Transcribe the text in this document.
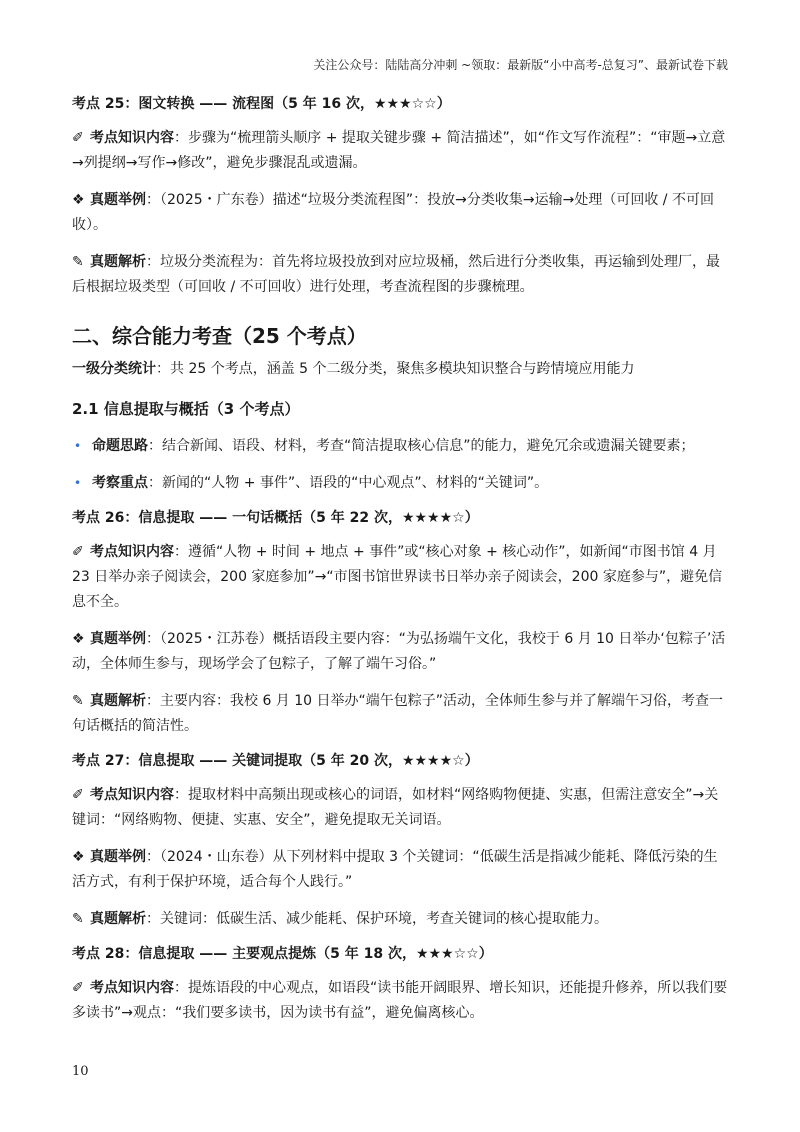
关注公众号：陆陆高分冲刺 ~领取：最新版“小中高考-总复习”、最新试卷下载

考点 25：图文转换 —— 流程图（5 年 16 次，★★★☆☆）

✐ 考点知识内容：步骤为“梳理箭头顺序 + 提取关键步骤 + 简洁描述”，如“作文写作流程”：“审题→立意→列提纲→写作→修改”，避免步骤混乱或遗漏。

❖ 真题举例：（2025・广东卷）描述“垃圾分类流程图”：投放→分类收集→运输→处理（可回收 / 不可回收）。

✎ 真题解析：垃圾分类流程为：首先将垃圾投放到对应垃圾桶，然后进行分类收集，再运输到处理厂，最后根据垃圾类型（可回收 / 不可回收）进行处理，考查流程图的步骤梳理。

二、综合能力考查（25 个考点）

一级分类统计：共 25 个考点，涵盖 5 个二级分类，聚焦多模块知识整合与跨情境应用能力

2.1 信息提取与概括（3 个考点）

• 命题思路：结合新闻、语段、材料，考查“简洁提取核心信息”的能力，避免冗余或遗漏关键要素；

• 考察重点：新闻的“人物 + 事件”、语段的“中心观点”、材料的“关键词”。

考点 26：信息提取 —— 一句话概括（5 年 22 次，★★★★☆）

✐ 考点知识内容：遵循“人物 + 时间 + 地点 + 事件”或“核心对象 + 核心动作”，如新闻“市图书馆 4 月 23 日举办亲子阅读会，200 家庭参加”→“市图书馆世界读书日举办亲子阅读会，200 家庭参与”，避免信息不全。

❖ 真题举例：（2025・江苏卷）概括语段主要内容：“为弘扬端午文化，我校于 6 月 10 日举办‘包粽子’活动，全体师生参与，现场学会了包粽子，了解了端午习俗。”

✎ 真题解析：主要内容：我校 6 月 10 日举办“端午包粽子”活动，全体师生参与并了解端午习俗，考查一句话概括的简洁性。

考点 27：信息提取 —— 关键词提取（5 年 20 次，★★★★☆）

✐ 考点知识内容：提取材料中高频出现或核心的词语，如材料“网络购物便捷、实惠，但需注意安全”→关键词：“网络购物、便捷、实惠、安全”，避免提取无关词语。

❖ 真题举例：（2024・山东卷）从下列材料中提取 3 个关键词：“低碳生活是指减少能耗、降低污染的生活方式，有利于保护环境，适合每个人践行。”

✎ 真题解析：关键词：低碳生活、减少能耗、保护环境，考查关键词的核心提取能力。

考点 28：信息提取 —— 主要观点提炼（5 年 18 次，★★★☆☆）

✐ 考点知识内容：提炼语段的中心观点，如语段“读书能开阔眼界、增长知识，还能提升修养，所以我们要多读书”→观点：“我们要多读书，因为读书有益”，避免偏离核心。

10
